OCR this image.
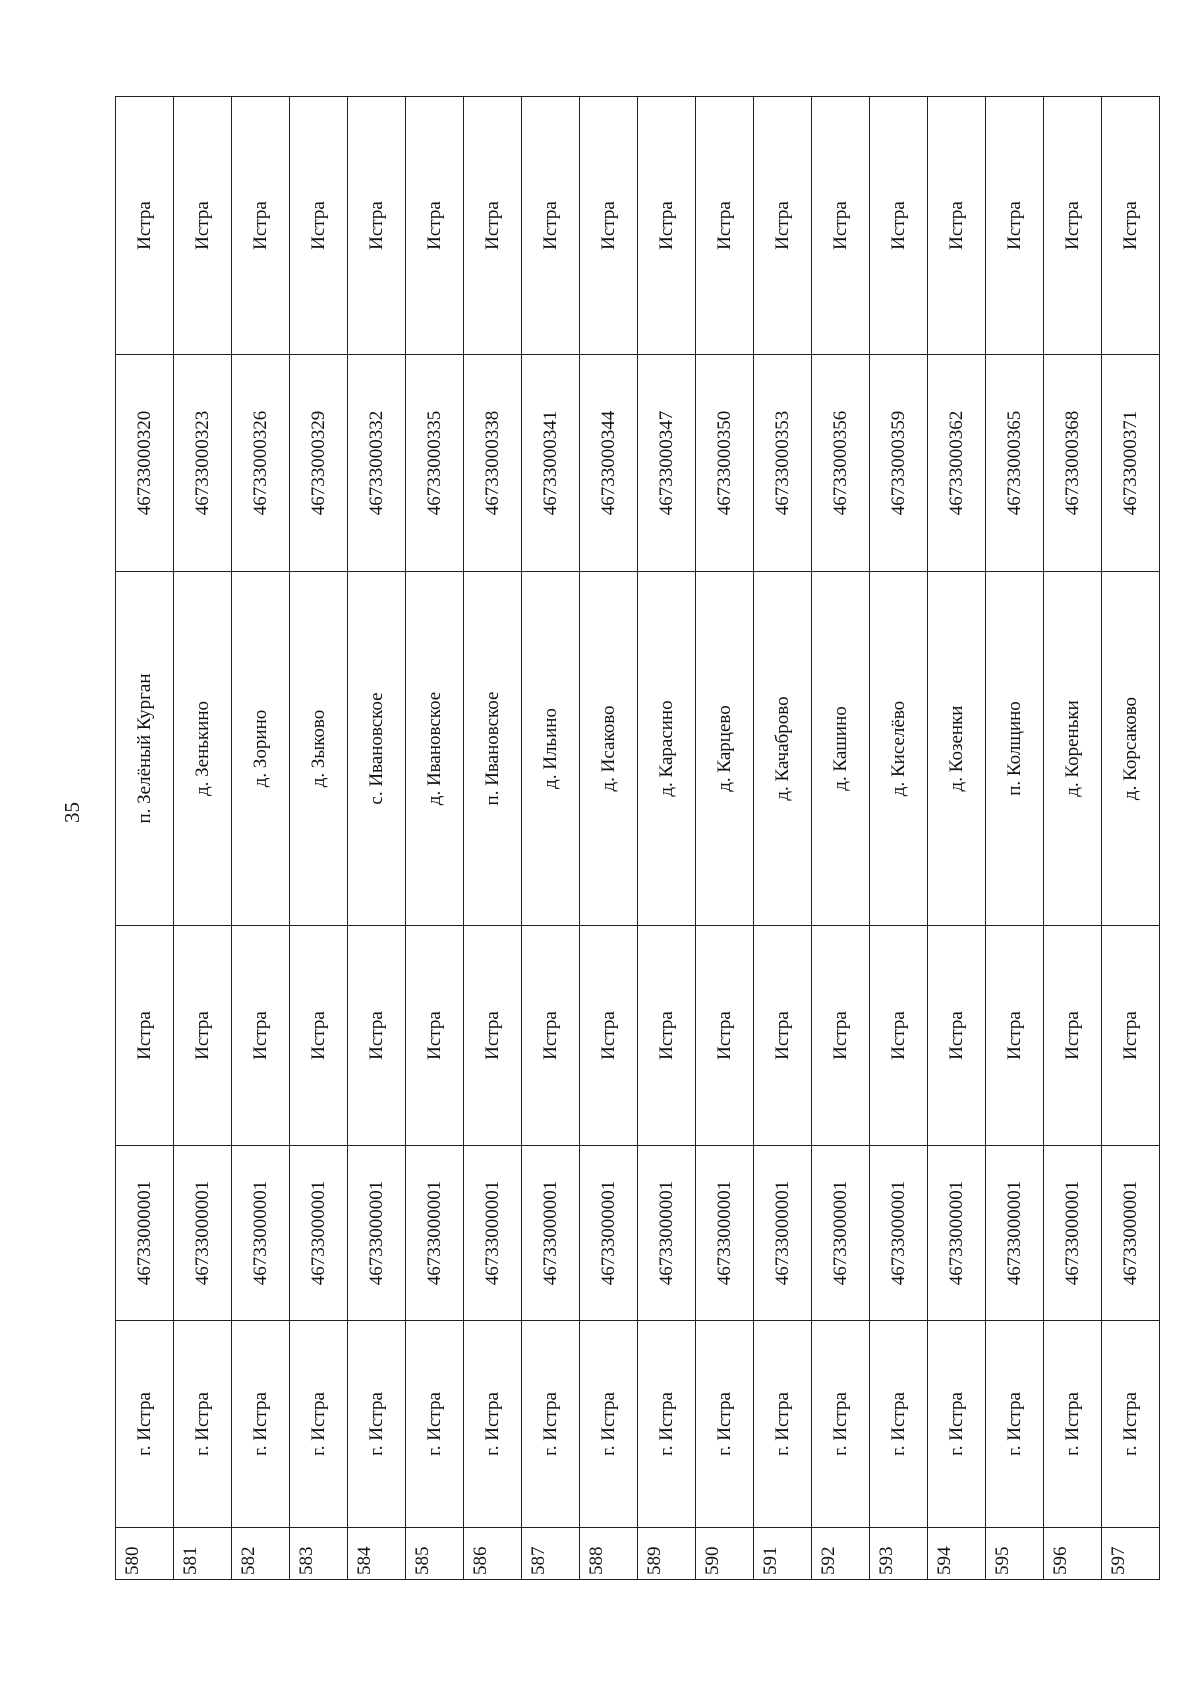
35
580	г. Истра	46733000001	Истра	п. Зелёный Курган	46733000320	Истра
581	г. Истра	46733000001	Истра	д. Зенькино	46733000323	Истра
582	г. Истра	46733000001	Истра	д. Зорино	46733000326	Истра
583	г. Истра	46733000001	Истра	д. Зыково	46733000329	Истра
584	г. Истра	46733000001	Истра	с. Ивановское	46733000332	Истра
585	г. Истра	46733000001	Истра	д. Ивановское	46733000335	Истра
586	г. Истра	46733000001	Истра	п. Ивановское	46733000338	Истра
587	г. Истра	46733000001	Истра	д. Ильино	46733000341	Истра
588	г. Истра	46733000001	Истра	д. Исаково	46733000344	Истра
589	г. Истра	46733000001	Истра	д. Карасино	46733000347	Истра
590	г. Истра	46733000001	Истра	д. Карцево	46733000350	Истра
591	г. Истра	46733000001	Истра	д. Качаброво	46733000353	Истра
592	г. Истра	46733000001	Истра	д. Кашино	46733000356	Истра
593	г. Истра	46733000001	Истра	д. Киселёво	46733000359	Истра
594	г. Истра	46733000001	Истра	д. Козенки	46733000362	Истра
595	г. Истра	46733000001	Истра	п. Колщино	46733000365	Истра
596	г. Истра	46733000001	Истра	д. Кореньки	46733000368	Истра
597	г. Истра	46733000001	Истра	д. Корсаково	46733000371	Истра
